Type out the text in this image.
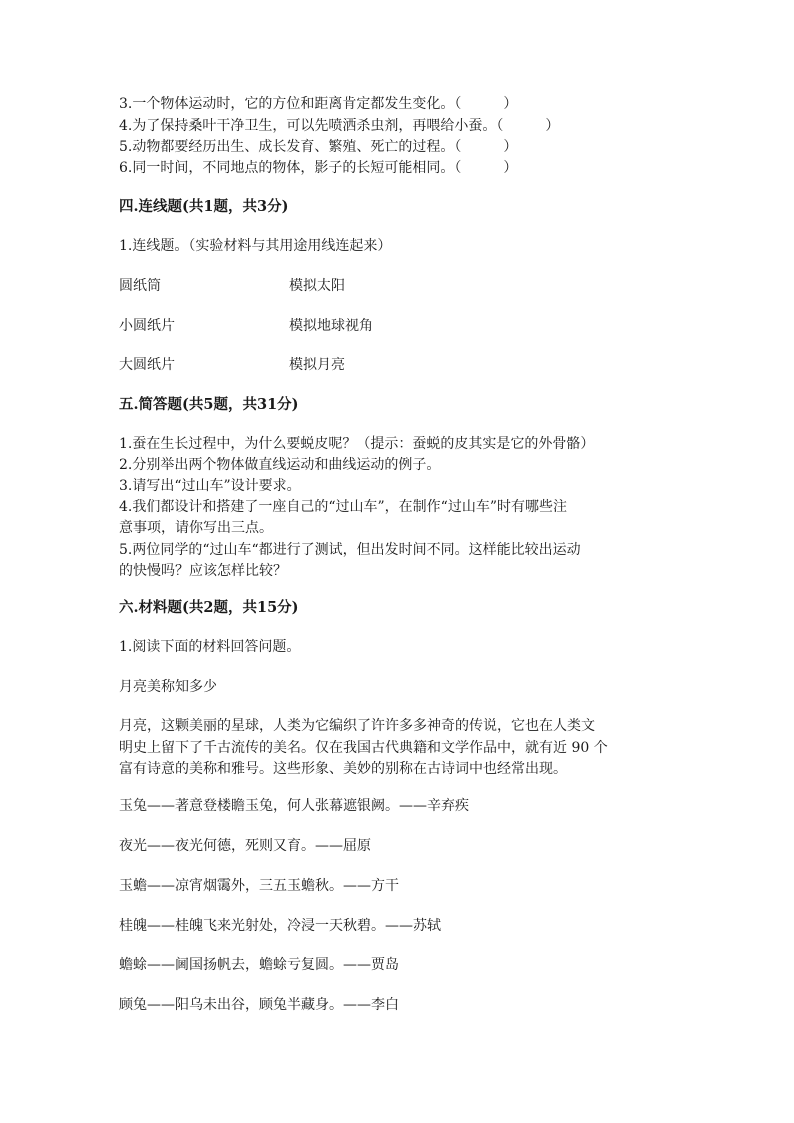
3.一个物体运动时，它的方位和距离肯定都发生变化。（　　　）
4.为了保持桑叶干净卫生，可以先喷洒杀虫剂，再喂给小蚕。（　　　）
5.动物都要经历出生、成长发育、繁殖、死亡的过程。（　　　）
6.同一时间，不同地点的物体，影子的长短可能相同。（　　　）
四.连线题(共1题，共3分)
1.连线题。（实验材料与其用途用线连起来）
圆纸筒	模拟太阳
小圆纸片	模拟地球视角
大圆纸片	模拟月亮
五.简答题(共5题，共31分)
1.蚕在生长过程中，为什么要蜕皮呢？（提示：蚕蜕的皮其实是它的外骨骼）
2.分别举出两个物体做直线运动和曲线运动的例子。
3.请写出“过山车”设计要求。
4.我们都设计和搭建了一座自己的“过山车”，在制作“过山车”时有哪些注
意事项，请你写出三点。
5.两位同学的“过山车“都进行了测试，但出发时间不同。这样能比较出运动
的快慢吗？应该怎样比较？
六.材料题(共2题，共15分)
1.阅读下面的材料回答问题。
月亮美称知多少
月亮，这颗美丽的星球，人类为它编织了许许多多神奇的传说，它也在人类文
明史上留下了千古流传的美名。仅在我国古代典籍和文学作品中，就有近 90 个
富有诗意的美称和雅号。这些形象、美妙的别称在古诗词中也经常出现。
玉兔——著意登楼瞻玉兔，何人张幕遮银阙。——辛弃疾
夜光——夜光何德，死则又育。——屈原
玉蟾——凉宵烟霭外，三五玉蟾秋。——方干
桂魄——桂魄飞来光射处，冷浸一天秋碧。——苏轼
蟾蜍——阃国扬帆去，蟾蜍亏复圆。——贾岛
顾兔——阳乌未出谷，顾兔半藏身。——李白
